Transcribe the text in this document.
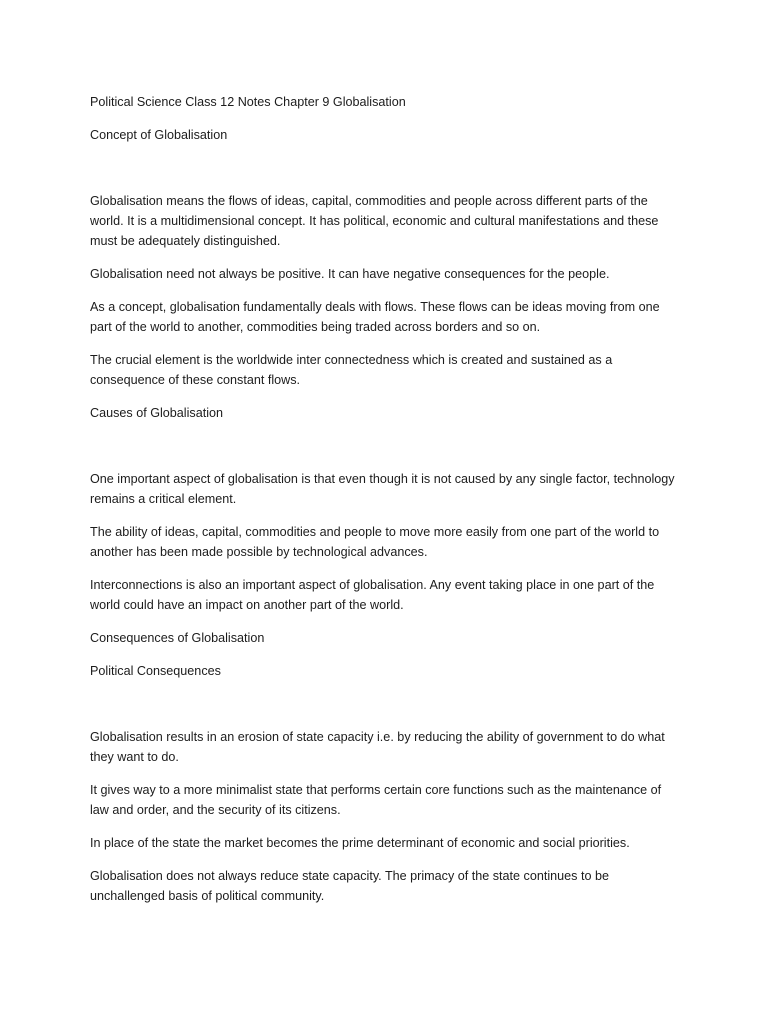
Political Science Class 12 Notes Chapter 9 Globalisation

Concept of Globalisation

Globalisation means the flows of ideas, capital, commodities and people across different parts of the world. It is a multidimensional concept. It has political, economic and cultural manifestations and these must be adequately distinguished.

Globalisation need not always be positive. It can have negative consequences for the people.

As a concept, globalisation fundamentally deals with flows. These flows can be ideas moving from one part of the world to another, commodities being traded across borders and so on.

The crucial element is the worldwide inter connectedness which is created and sustained as a consequence of these constant flows.

Causes of Globalisation

One important aspect of globalisation is that even though it is not caused by any single factor, technology remains a critical element.

The ability of ideas, capital, commodities and people to move more easily from one part of the world to another has been made possible by technological advances.

Interconnections is also an important aspect of globalisation. Any event taking place in one part of the world could have an impact on another part of the world.

Consequences of Globalisation

Political Consequences

Globalisation results in an erosion of state capacity i.e. by reducing the ability of government to do what they want to do.

It gives way to a more minimalist state that performs certain core functions such as the maintenance of law and order, and the security of its citizens.

In place of the state the market becomes the prime determinant of economic and social priorities.

Globalisation does not always reduce state capacity. The primacy of the state continues to be unchallenged basis of political community.
